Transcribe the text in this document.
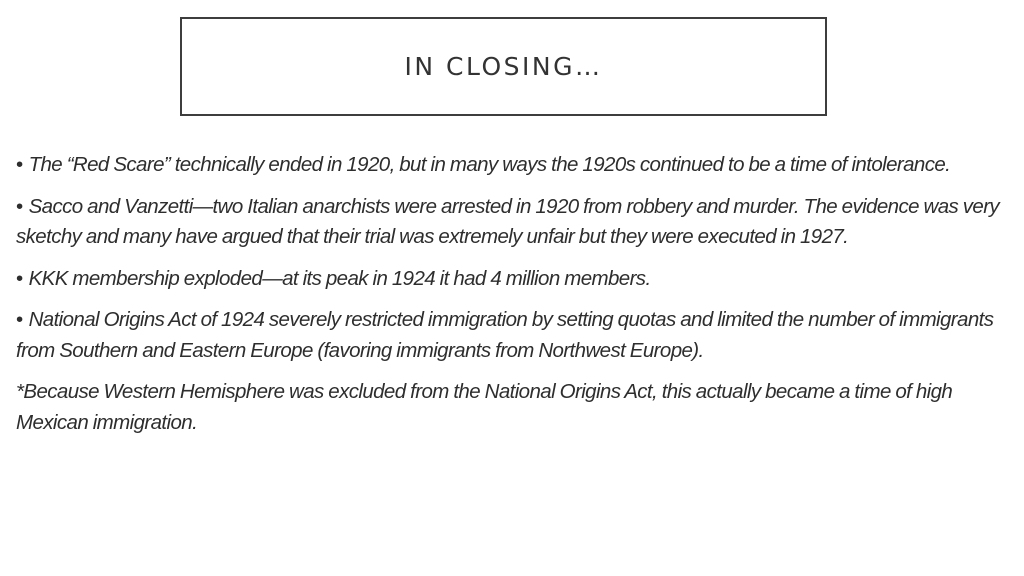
IN CLOSING…

• The “Red Scare” technically ended in 1920, but in many ways the 1920s continued to be a time of intolerance.

• Sacco and Vanzetti—two Italian anarchists were arrested in 1920 from robbery and murder. The evidence was very sketchy and many have argued that their trial was extremely unfair but they were executed in 1927.

• KKK membership exploded—at its peak in 1924 it had 4 million members.

• National Origins Act of 1924 severely restricted immigration by setting quotas and limited the number of immigrants from Southern and Eastern Europe (favoring immigrants from Northwest Europe).

*Because Western Hemisphere was excluded from the National Origins Act, this actually became a time of high Mexican immigration.
